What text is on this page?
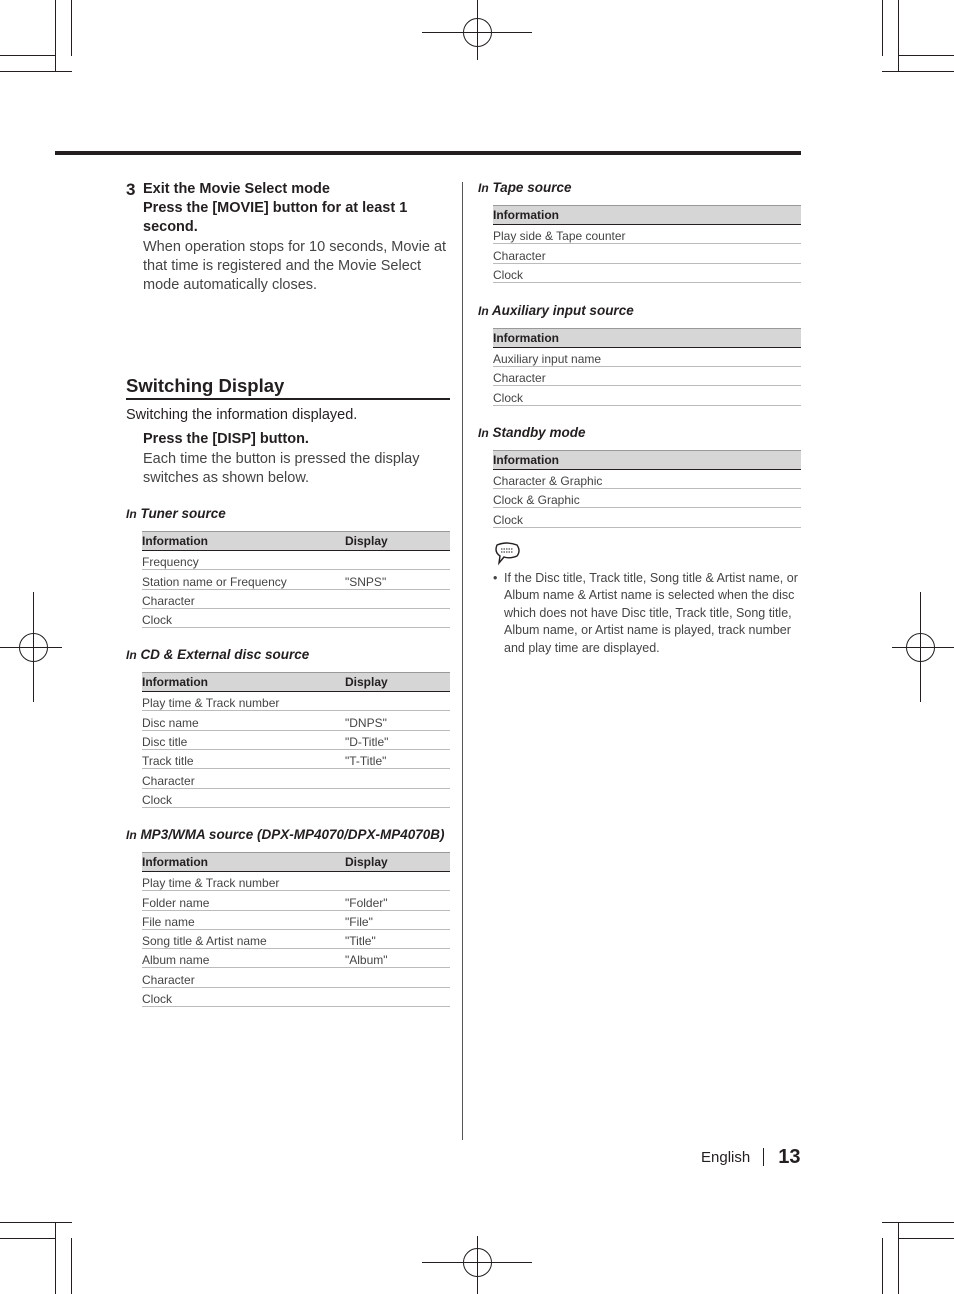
3 Exit the Movie Select mode
Press the [MOVIE] button for at least 1 second.
When operation stops for 10 seconds, Movie at that time is registered and the Movie Select mode automatically closes.
Switching Display
Switching the information displayed.
Press the [DISP] button.
Each time the button is pressed the display switches as shown below.
In Tuner source
Information	Display
Frequency	
Station name or Frequency	"SNPS"
Character	
Clock	
In CD & External disc source
Information	Display
Play time & Track number	
Disc name	"DNPS"
Disc title	"D-Title"
Track title	"T-Title"
Character	
Clock	
In MP3/WMA source (DPX-MP4070/DPX-MP4070B)
Information	Display
Play time & Track number	
Folder name	"Folder"
File name	"File"
Song title & Artist name	"Title"
Album name	"Album"
Character	
Clock	
In Tape source
Information
Play side & Tape counter
Character
Clock
In Auxiliary input source
Information
Auxiliary input name
Character
Clock
In Standby mode
Information
Character & Graphic
Clock & Graphic
Clock
• If the Disc title, Track title, Song title & Artist name, or Album name & Artist name is selected when the disc which does not have Disc title, Track title, Song title, Album name, or Artist name is played, track number and play time are displayed.
English 13
